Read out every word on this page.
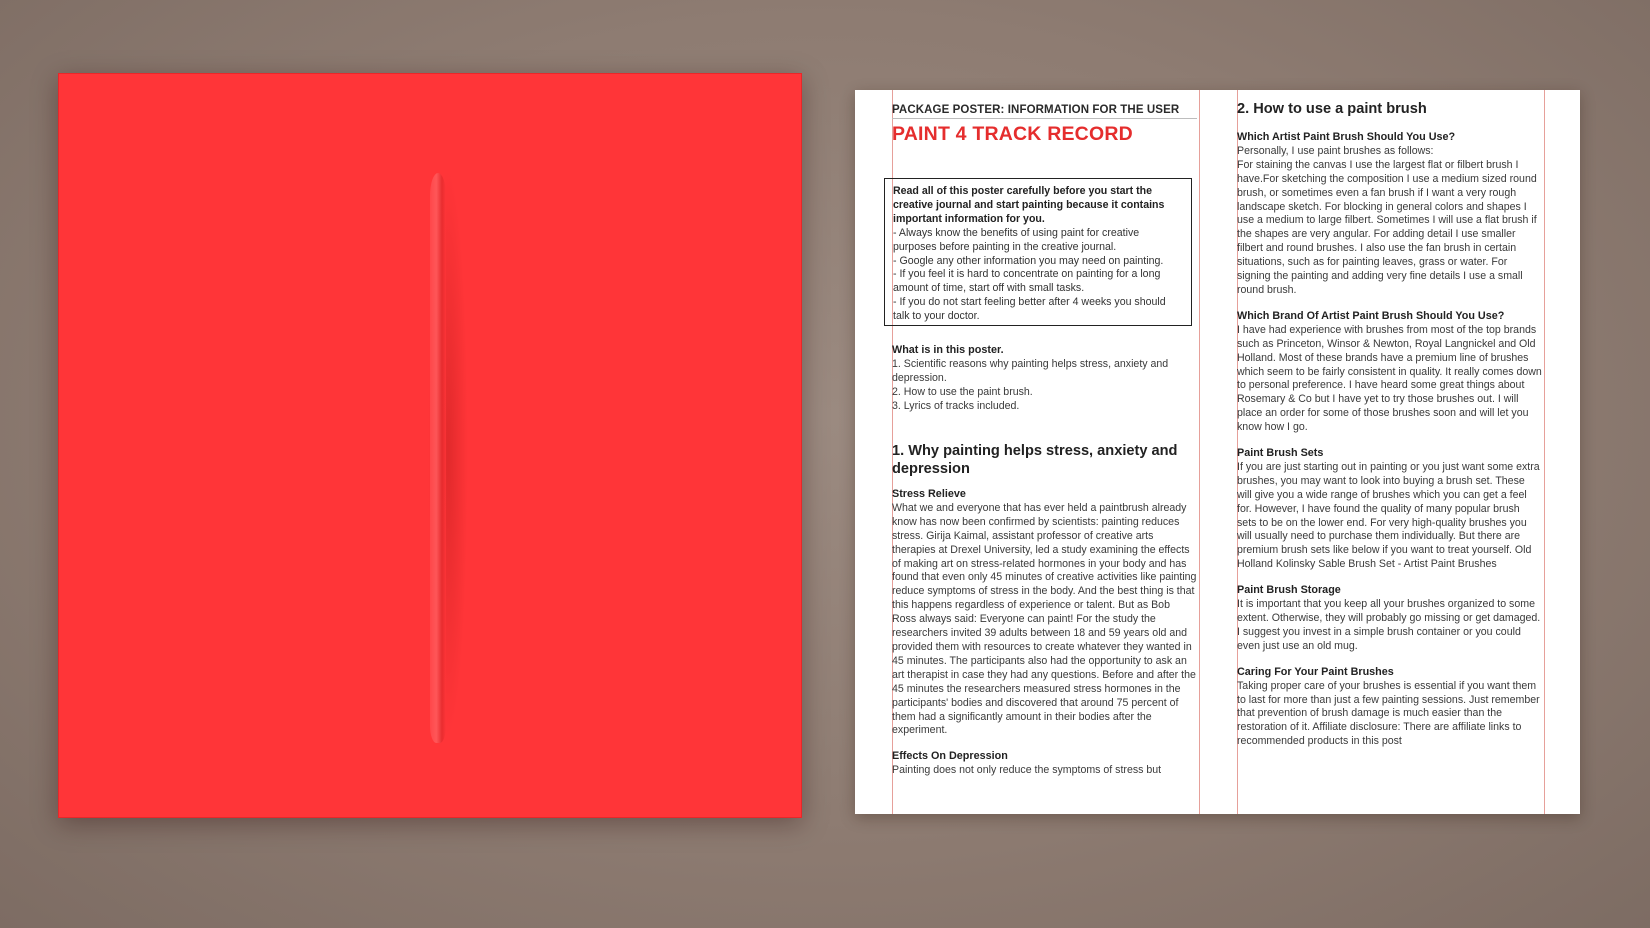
PACKAGE POSTER: INFORMATION FOR THE USER
PAINT 4 TRACK RECORD

Read all of this poster carefully before you start the creative journal and start painting because it contains important information for you.

- Always know the benefits of using paint for creative purposes before painting in the creative journal.

- Google any other information you may need on painting.

- If you feel it is hard to concentrate on painting for a long amount of time, start off with small tasks.

- If you do not start feeling better after 4 weeks you should talk to your doctor.

What is in this poster.

1. Scientific reasons why painting helps stress, anxiety and depression.

2. How to use the paint brush.

3. Lyrics of tracks included.

1. Why painting helps stress, anxiety and depression

Stress Relieve

What we and everyone that has ever held a paintbrush already know has now been confirmed by scientists: painting reduces stress. Girija Kaimal, assistant professor of creative arts therapies at Drexel University, led a study examining the effects of making art on stress-related hormones in your body and has found that even only 45 minutes of creative activities like painting reduce symptoms of stress in the body. And the best thing is that this happens regardless of experience or talent. But as Bob Ross always said: Everyone can paint! For the study the researchers invited 39 adults between 18 and 59 years old and provided them with resources to create whatever they wanted in 45 minutes. The participants also had the opportunity to ask an art therapist in case they had any questions. Before and after the 45 minutes the researchers measured stress hormones in the participants' bodies and discovered that around 75 percent of them had a significantly amount in their bodies after the experiment.

Effects On Depression

Painting does not only reduce the symptoms of stress but

2. How to use a paint brush

Which Artist Paint Brush Should You Use?

Personally, I use paint brushes as follows:
For staining the canvas I use the largest flat or filbert brush I have.For sketching the composition I use a medium sized round brush, or sometimes even a fan brush if I want a very rough landscape sketch. For blocking in general colors and shapes I use a medium to large filbert. Sometimes I will use a flat brush if the shapes are very angular. For adding detail I use smaller filbert and round brushes. I also use the fan brush in certain situations, such as for painting leaves, grass or water. For signing the painting and adding very fine details I use a small round brush.

Which Brand Of Artist Paint Brush Should You Use?

I have had experience with brushes from most of the top brands such as Princeton, Winsor & Newton, Royal Langnickel and Old Holland. Most of these brands have a premium line of brushes which seem to be fairly consistent in quality. It really comes down to personal preference. I have heard some great things about Rosemary & Co but I have yet to try those brushes out. I will place an order for some of those brushes soon and will let you know how I go.

Paint Brush Sets

If you are just starting out in painting or you just want some extra brushes, you may want to look into buying a brush set. These will give you a wide range of brushes which you can get a feel for. However, I have found the quality of many popular brush sets to be on the lower end. For very high-quality brushes you will usually need to purchase them individually. But there are premium brush sets like below if you want to treat yourself. Old Holland Kolinsky Sable Brush Set - Artist Paint Brushes

Paint Brush Storage

It is important that you keep all your brushes organized to some extent. Otherwise, they will probably go missing or get damaged. I suggest you invest in a simple brush container or you could even just use an old mug.

Caring For Your Paint Brushes

Taking proper care of your brushes is essential if you want them to last for more than just a few painting sessions. Just remember that prevention of brush damage is much easier than the restoration of it. Affiliate disclosure: There are affiliate links to recommended products in this post
